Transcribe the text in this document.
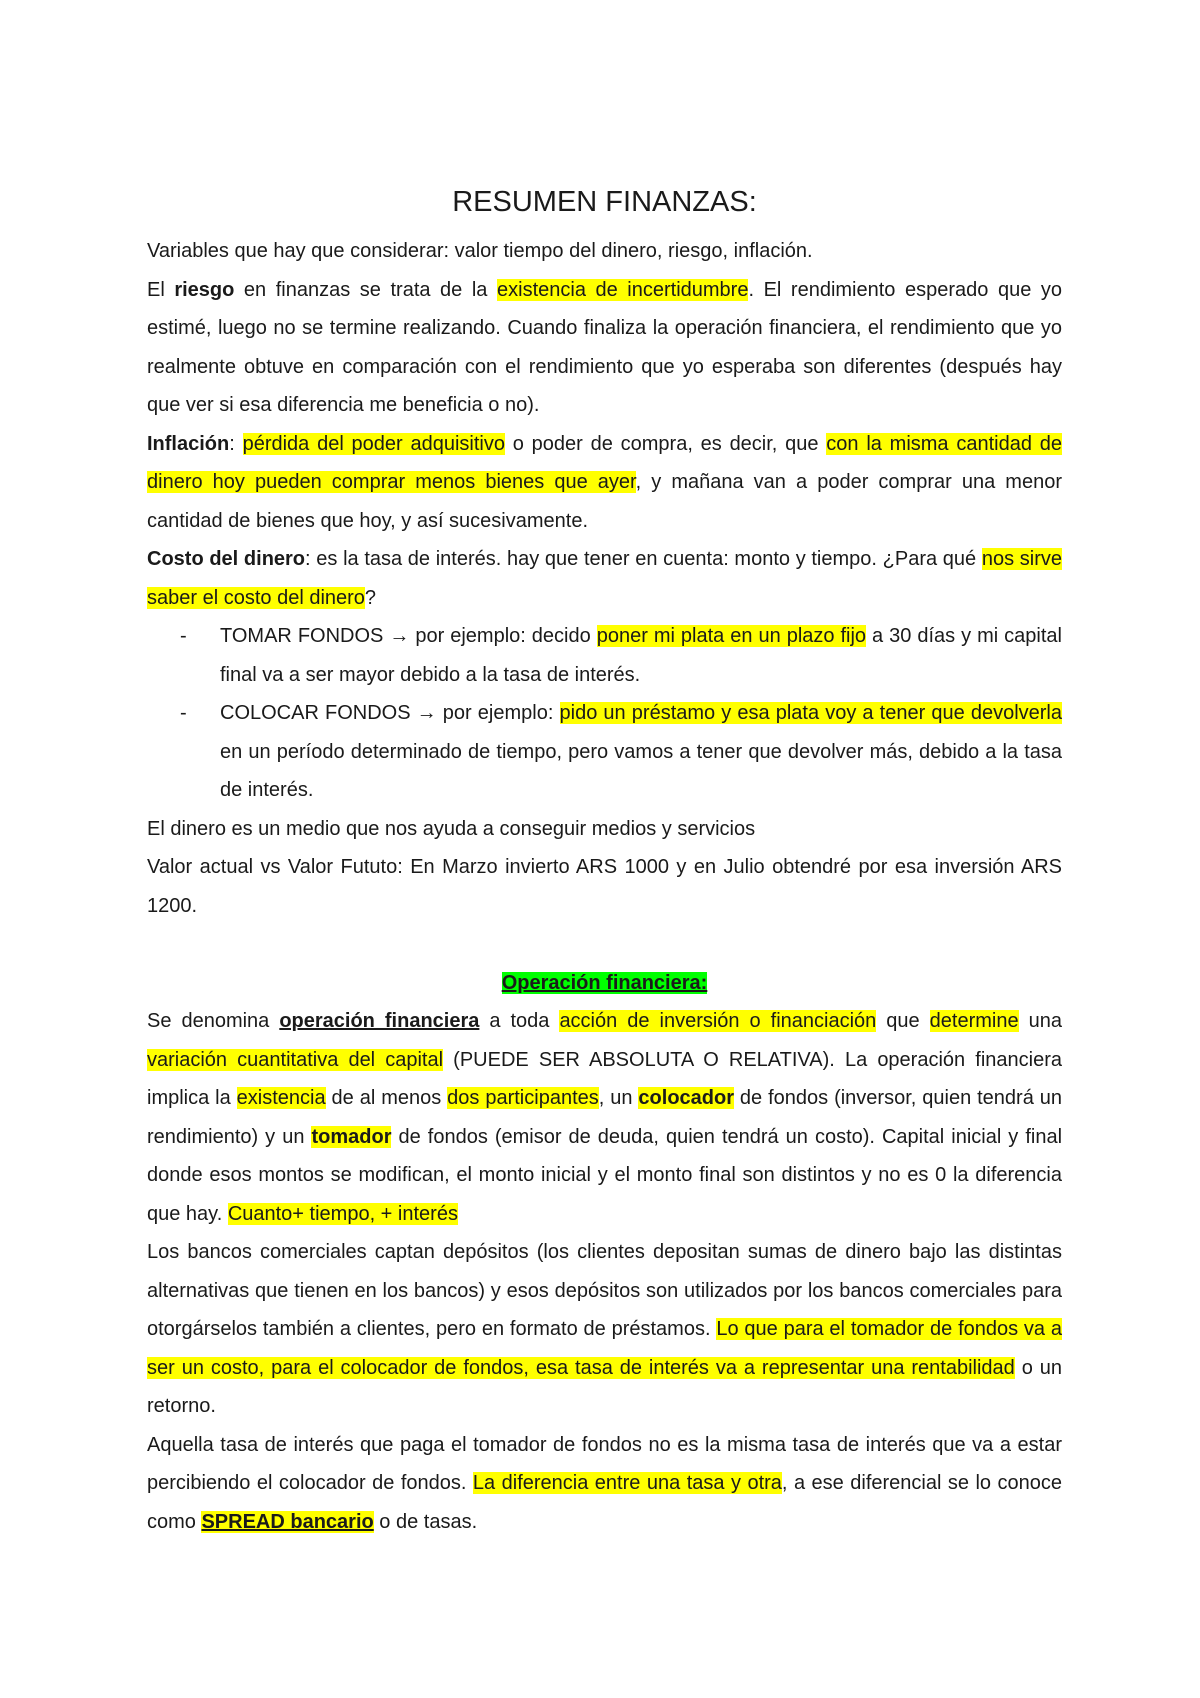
RESUMEN FINANZAS:

Variables que hay que considerar: valor tiempo del dinero, riesgo, inflación.

El riesgo en finanzas se trata de la existencia de incertidumbre. El rendimiento esperado que yo estimé, luego no se termine realizando. Cuando finaliza la operación financiera, el rendimiento que yo realmente obtuve en comparación con el rendimiento que yo esperaba son diferentes (después hay que ver si esa diferencia me beneficia o no).

Inflación: pérdida del poder adquisitivo o poder de compra, es decir, que con la misma cantidad de dinero hoy pueden comprar menos bienes que ayer, y mañana van a poder comprar una menor cantidad de bienes que hoy, y así sucesivamente.

Costo del dinero: es la tasa de interés. hay que tener en cuenta: monto y tiempo. ¿Para qué nos sirve saber el costo del dinero?

- TOMAR FONDOS → por ejemplo: decido poner mi plata en un plazo fijo a 30 días y mi capital final va a ser mayor debido a la tasa de interés.
- COLOCAR FONDOS → por ejemplo: pido un préstamo y esa plata voy a tener que devolverla en un período determinado de tiempo, pero vamos a tener que devolver más, debido a la tasa de interés.

El dinero es un medio que nos ayuda a conseguir medios y servicios

Valor actual vs Valor Fututo: En Marzo invierto ARS 1000 y en Julio obtendré por esa inversión ARS 1200.

Operación financiera:

Se denomina operación financiera a toda acción de inversión o financiación que determine una variación cuantitativa del capital (PUEDE SER ABSOLUTA O RELATIVA). La operación financiera implica la existencia de al menos dos participantes, un colocador de fondos (inversor, quien tendrá un rendimiento) y un tomador de fondos (emisor de deuda, quien tendrá un costo). Capital inicial y final donde esos montos se modifican, el monto inicial y el monto final son distintos y no es 0 la diferencia que hay. Cuanto+ tiempo, + interés

Los bancos comerciales captan depósitos (los clientes depositan sumas de dinero bajo las distintas alternativas que tienen en los bancos) y esos depósitos son utilizados por los bancos comerciales para otorgárselos también a clientes, pero en formato de préstamos. Lo que para el tomador de fondos va a ser un costo, para el colocador de fondos, esa tasa de interés va a representar una rentabilidad o un retorno.

Aquella tasa de interés que paga el tomador de fondos no es la misma tasa de interés que va a estar percibiendo el colocador de fondos. La diferencia entre una tasa y otra, a ese diferencial se lo conoce como SPREAD bancario o de tasas.
